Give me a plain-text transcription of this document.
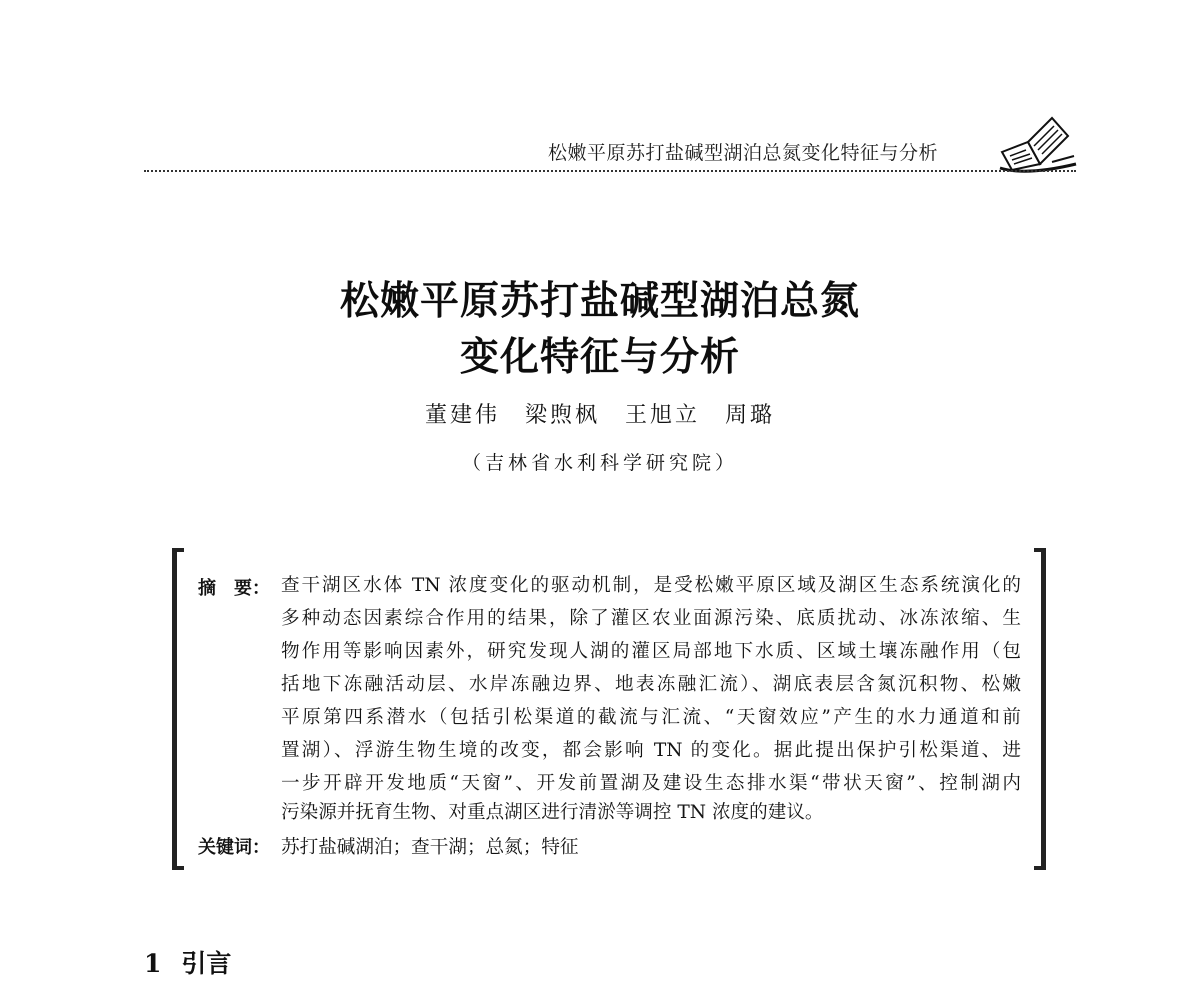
松嫩平原苏打盐碱型湖泊总氮变化特征与分析
松嫩平原苏打盐碱型湖泊总氮
变化特征与分析
董建伟　梁煦枫　王旭立　周璐
（吉林省水利科学研究院）
摘　要： 查干湖区水体 TN 浓度变化的驱动机制，是受松嫩平原区域及湖区生态系统演化的
多种动态因素综合作用的结果，除了灌区农业面源污染、底质扰动、冰冻浓缩、生
物作用等影响因素外，研究发现人湖的灌区局部地下水质、区域土壤冻融作用（包
括地下冻融活动层、水岸冻融边界、地表冻融汇流）、湖底表层含氮沉积物、松嫩
平原第四系潜水（包括引松渠道的截流与汇流、“天窗效应”产生的水力通道和前
置湖）、浮游生物生境的改变，都会影响 TN 的变化。据此提出保护引松渠道、进
一步开辟开发地质“天窗”、开发前置湖及建设生态排水渠“带状天窗”、控制湖内
污染源并抚育生物、对重点湖区进行清淤等调控 TN 浓度的建议。
关键词： 苏打盐碱湖泊；查干湖；总氮；特征
1 引言
